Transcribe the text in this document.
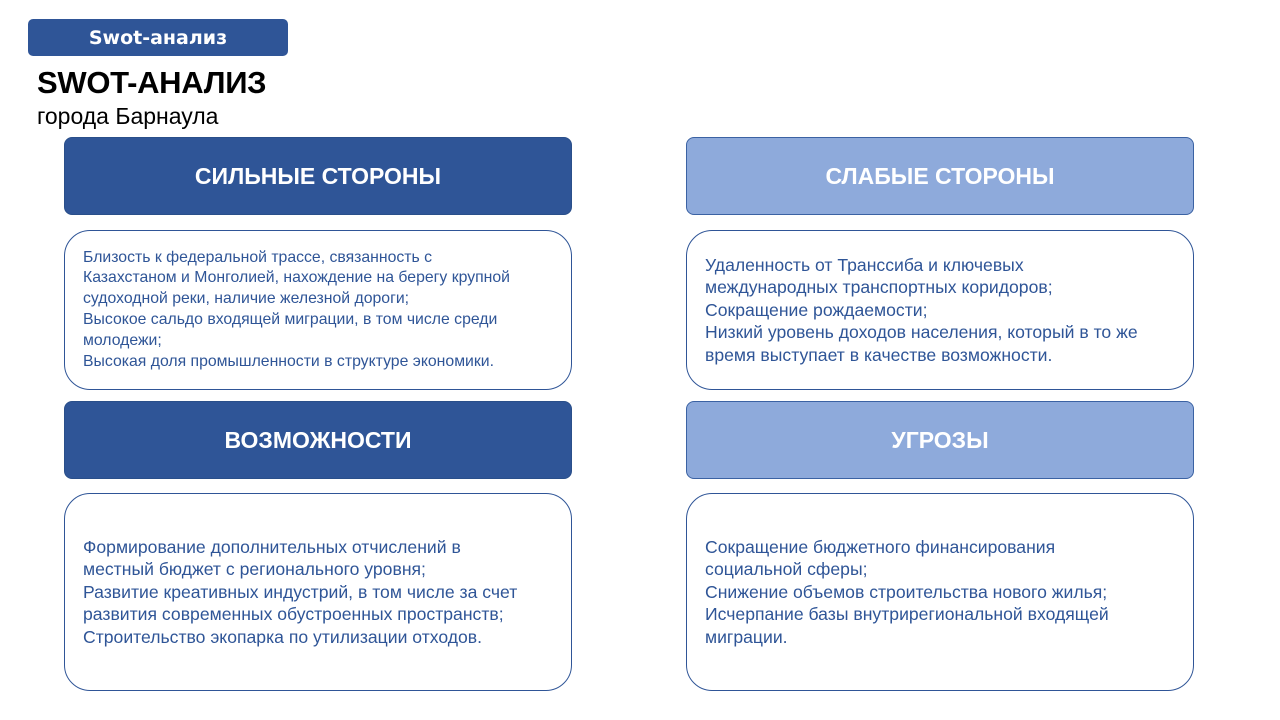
Swot-анализ
SWOT-АНАЛИЗ

города Барнаула

СИЛЬНЫЕ СТОРОНЫ
Близость к федеральной трассе, связанность с
Казахстаном и Монголией, нахождение на берегу крупной
судоходной реки, наличие железной дороги;
Высокое сальдо входящей миграции, в том числе среди
молодежи;
Высокая доля промышленности в структуре экономики.
СЛАБЫЕ СТОРОНЫ
Удаленность от Транссиба и ключевых
международных транспортных коридоров;
Сокращение рождаемости;
Низкий уровень доходов населения, который в то же
время выступает в качестве возможности.
ВОЗМОЖНОСТИ
Формирование дополнительных отчислений в
местный бюджет с регионального уровня;
Развитие креативных индустрий, в том числе за счет
развития современных обустроенных пространств;
Строительство экопарка по утилизации отходов.
УГРОЗЫ
Сокращение бюджетного финансирования
социальной сферы;
Снижение объемов строительства нового жилья;
Исчерпание базы внутрирегиональной входящей
миграции.
